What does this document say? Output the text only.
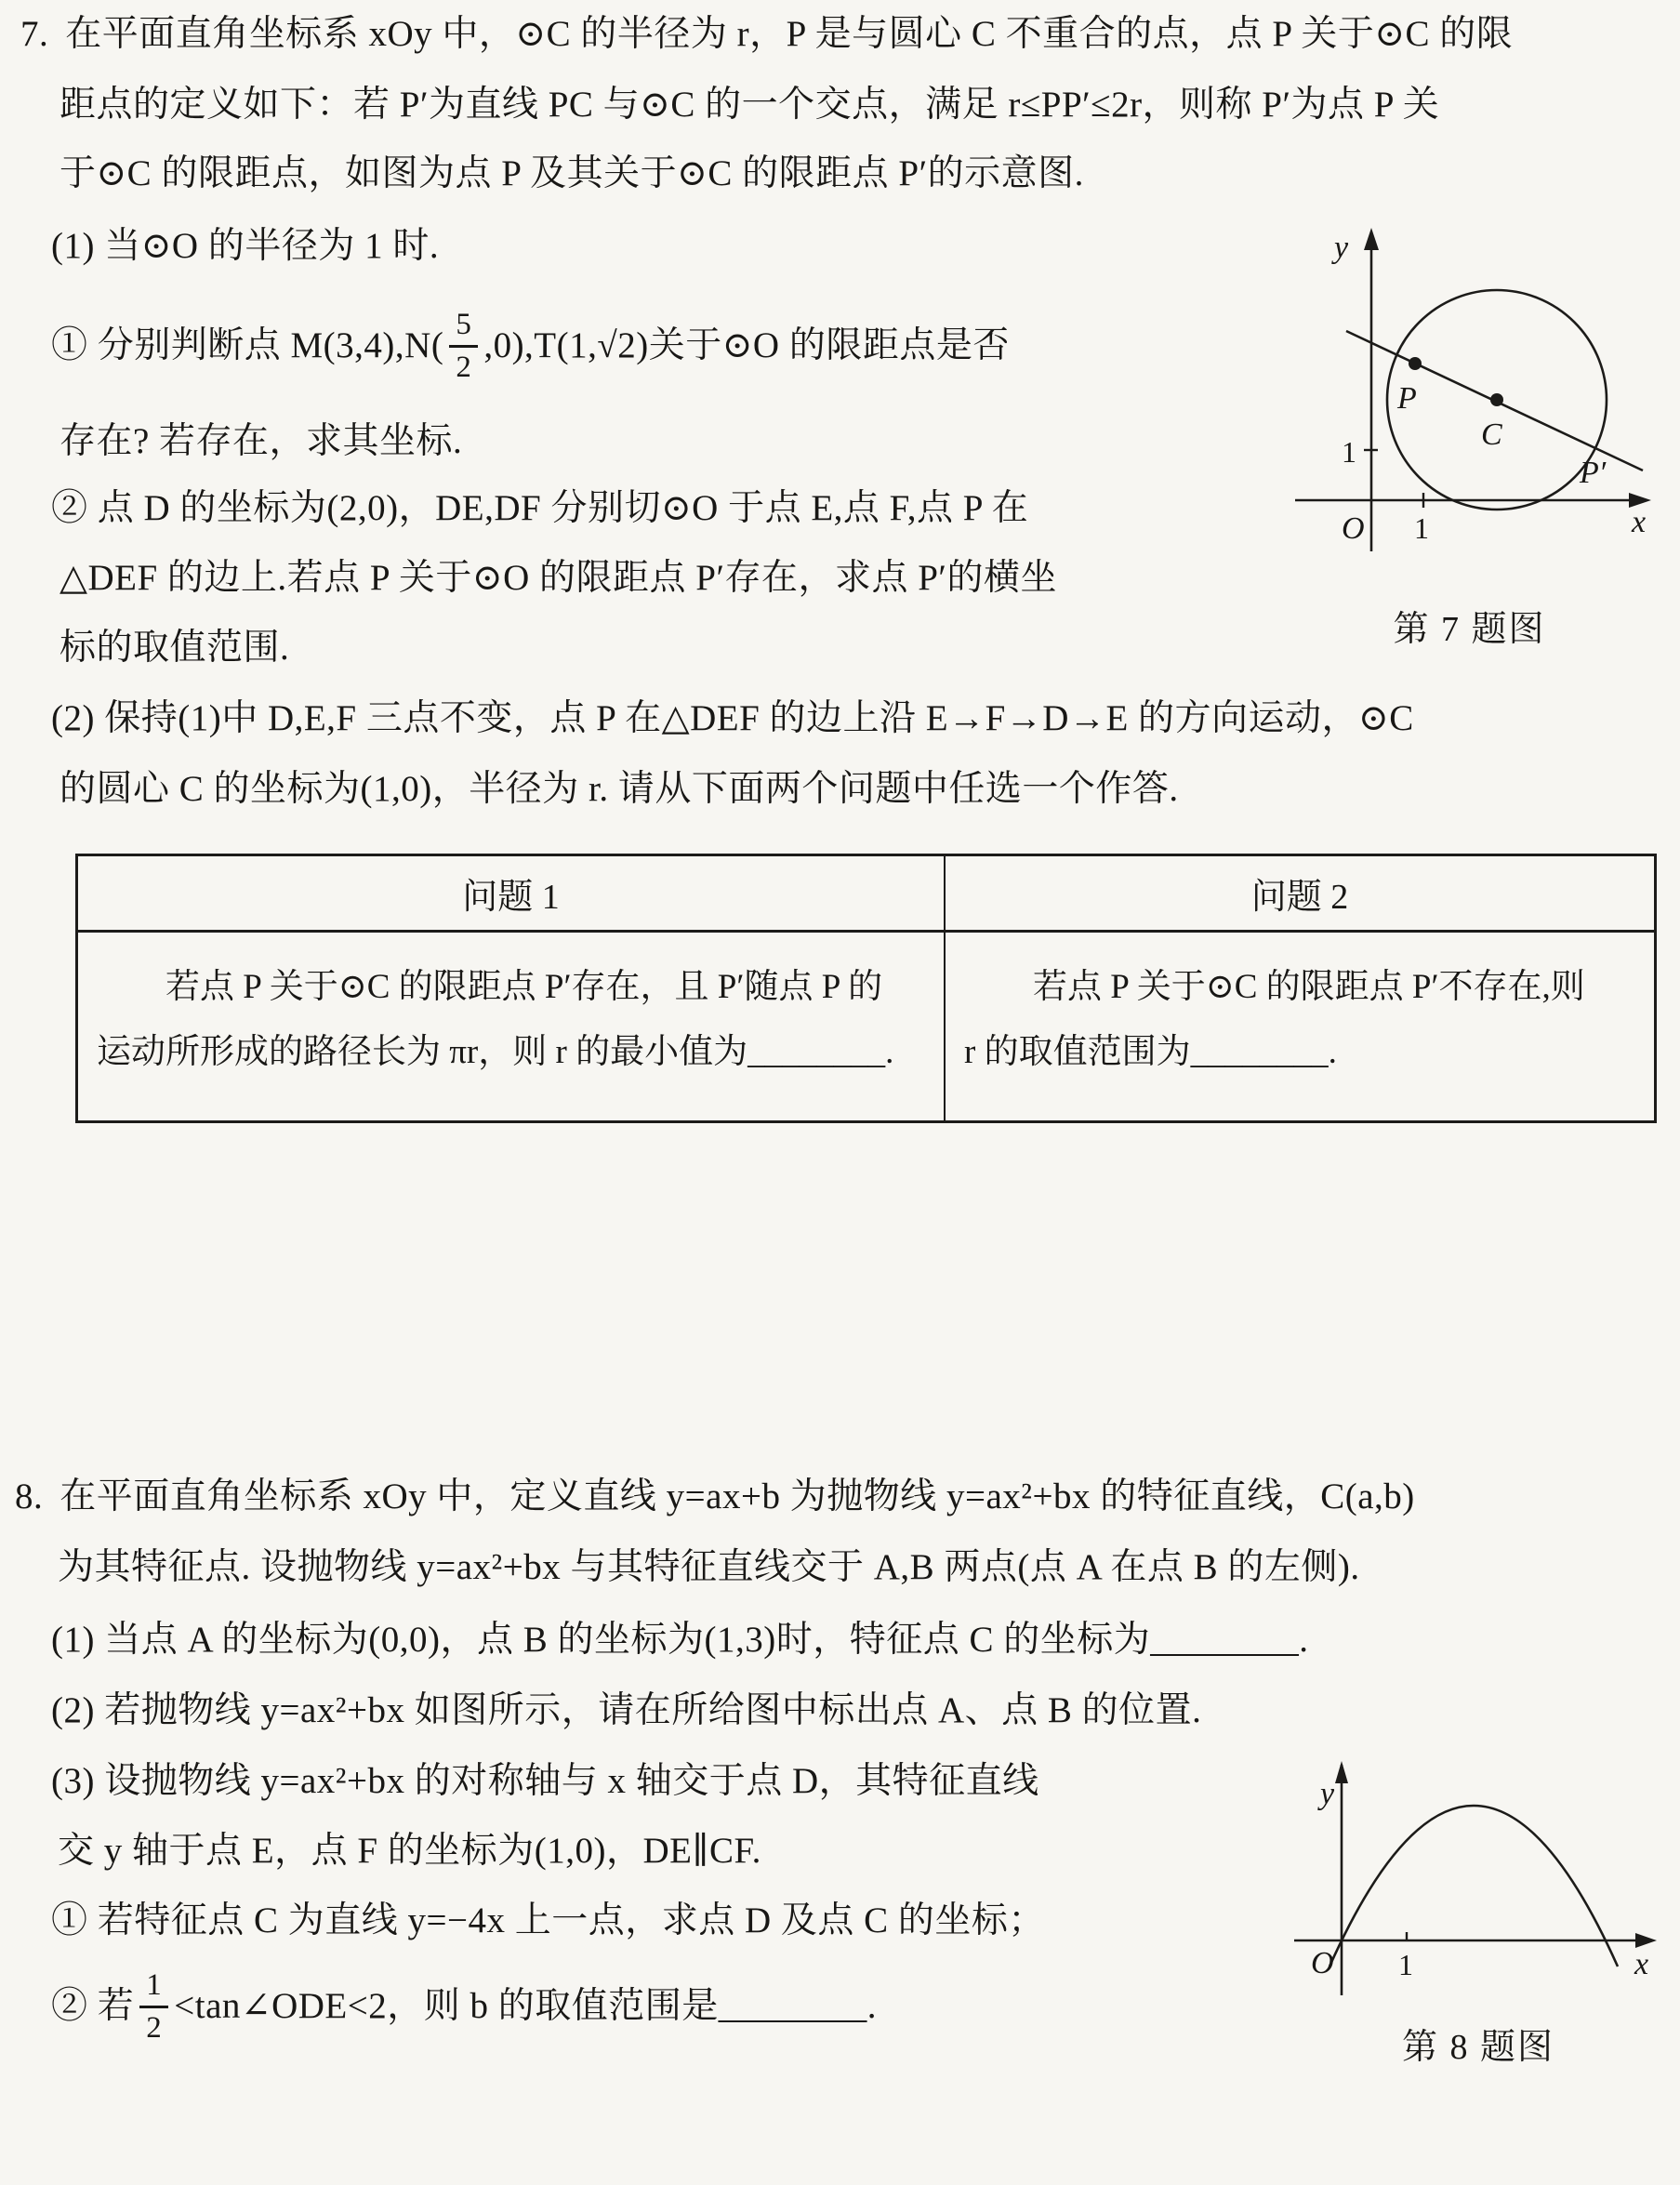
7. 在平面直角坐标系 xOy 中，⊙C 的半径为 r，P 是与圆心 C 不重合的点，点 P 关于⊙C 的限
距点的定义如下：若 P′为直线 PC 与⊙C 的一个交点，满足 r≤PP′≤2r，则称 P′为点 P 关
于⊙C 的限距点，如图为点 P 及其关于⊙C 的限距点 P′的示意图.
(1) 当⊙O 的半径为 1 时.
① 分别判断点 $M(3,4),N( \frac{5}{2} ,0),T(1,√2)$关于⊙O 的限距点是否
存在? 若存在，求其坐标.
② 点 D 的坐标为(2,0)，DE,DF 分别切⊙O 于点 E,点 F,点 P 在
△DEF 的边上.若点 P 关于⊙O 的限距点 P′存在，求点 P′的横坐
标的取值范围.
(2) 保持(1)中 D,E,F 三点不变，点 P 在△DEF 的边上沿 E→F→D→E 的方向运动，⊙C
的圆心 C 的坐标为(1,0)，半径为 r. 请从下面两个问题中任选一个作答.
y
x
O 1
1
P
C
P′
第 7 题图
问题 1	问题 2
若点 P 关于⊙C 的限距点 P′存在，且 P′随点 P 的
运动所形成的路径长为 πr，则 r 的最小值为________.
若点 P 关于⊙C 的限距点 P′不存在,则
r 的取值范围为________.
8. 在平面直角坐标系 xOy 中，定义直线 y=ax+b 为抛物线 y=ax²+bx 的特征直线，C(a,b)
为其特征点. 设抛物线 y=ax²+bx 与其特征直线交于 A,B 两点(点 A 在点 B 的左侧).
(1) 当点 A 的坐标为(0,0)，点 B 的坐标为(1,3)时，特征点 C 的坐标为________.
(2) 若抛物线 y=ax²+bx 如图所示，请在所给图中标出点 A、点 B 的位置.
(3) 设抛物线 y=ax²+bx 的对称轴与 x 轴交于点 D，其特征直线
交 y 轴于点 E，点 F 的坐标为(1,0)，DE∥CF.
① 若特征点 C 为直线 y=−4x 上一点，求点 D 及点 C 的坐标；
② 若 $\frac{1}{2}$ <tan∠ODE<2，则 b 的取值范围是________.
y
x
O 1
第 8 题图
